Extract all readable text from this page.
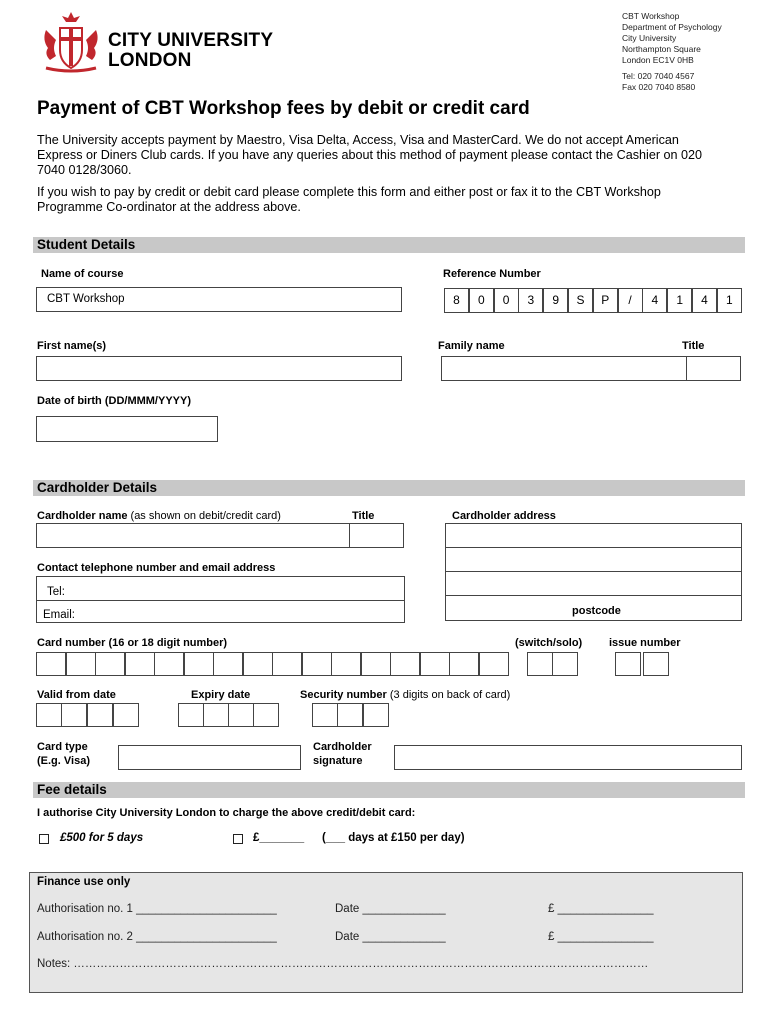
CITY UNIVERSITY
LONDON
CBT Workshop
Department of Psychology
City University
Northampton Square
London EC1V 0HB
Tel: 020 7040 4567
Fax 020 7040 8580
Payment of CBT Workshop fees by debit or credit card
The University accepts payment by Maestro, Visa Delta, Access, Visa and MasterCard. We do not accept American Express or Diners Club cards. If you have any queries about this method of payment please contact the Cashier on 020 7040 0128/3060.
If you wish to pay by credit or debit card please complete this form and either post or fax it to the CBT Workshop Programme Co-ordinator at the address above.
Student Details
Name of course
CBT Workshop
Reference Number
8	0	0	3	9	S	P	/	4	1	4	1
First name(s)	Family name	Title
Date of birth (DD/MMM/YYYY)
Cardholder Details
Cardholder name (as shown on debit/credit card)	Title	Cardholder address
postcode
Contact telephone number and email address
Tel:
Email:
Card number (16 or 18 digit number)	(switch/solo) issue number
Valid from date	Expiry date	Security number (3 digits on back of card)
Card type
(E.g. Visa)
Cardholder
signature
Fee details
I authorise City University London to charge the above credit/debit card:
£500 for 5 days	£_______ (___ days at £150 per day)
Finance use only
Authorisation no. 1 ______________________	Date _____________	£ _______________
Authorisation no. 2 ______________________	Date _____________	£ _______________
Notes: ……………………………………………………………………………………………………………………………………
